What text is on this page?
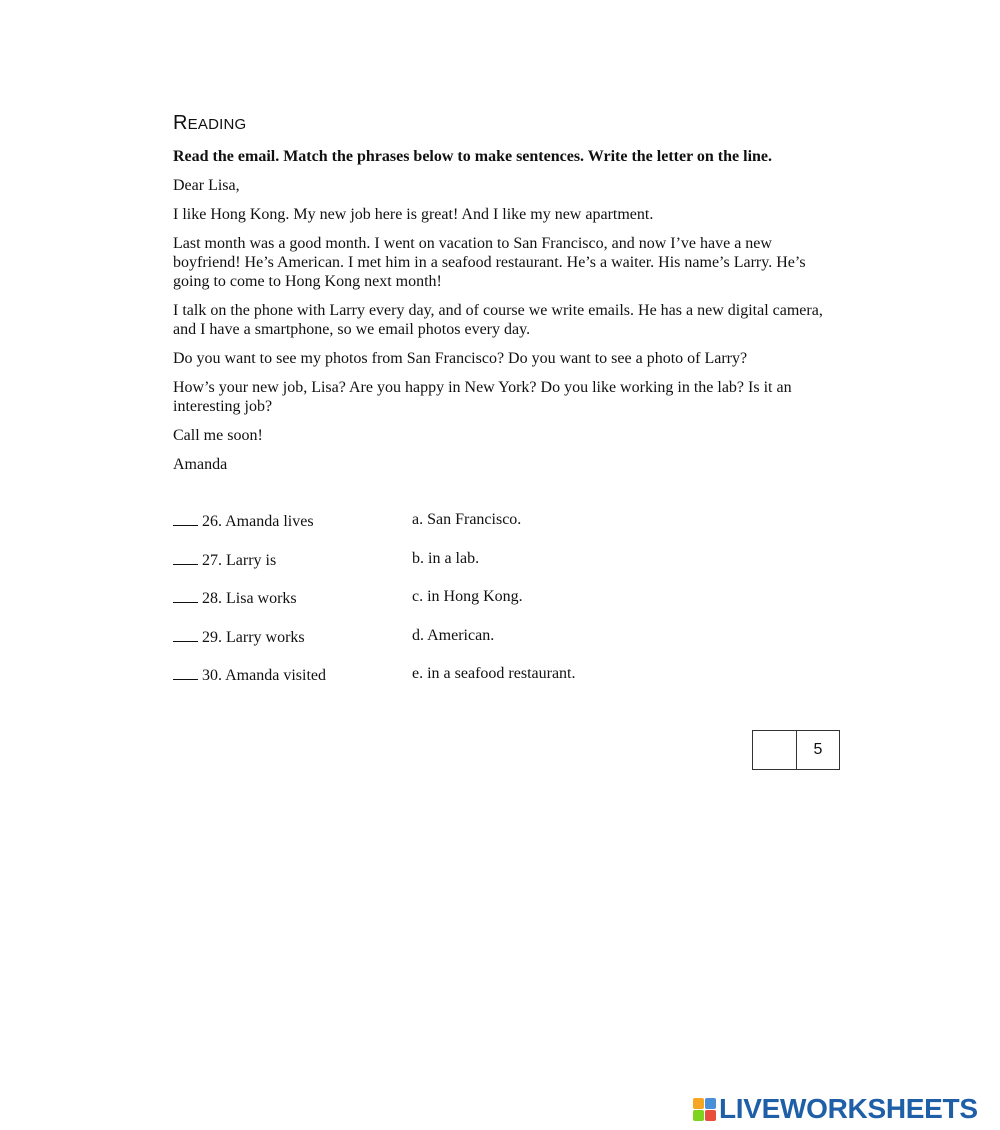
READING

Read the email. Match the phrases below to make sentences. Write the letter on the line.

Dear Lisa,

I like Hong Kong. My new job here is great! And I like my new apartment.

Last month was a good month. I went on vacation to San Francisco, and now I’ve have a new boyfriend! He’s American. I met him in a seafood restaurant. He’s a waiter. His name’s Larry. He’s going to come to Hong Kong next month!

I talk on the phone with Larry every day, and of course we write emails. He has a new digital camera, and I have a smartphone, so we email photos every day.

Do you want to see my photos from San Francisco? Do you want to see a photo of Larry?

How’s your new job, Lisa? Are you happy in New York? Do you like working in the lab? Is it an interesting job?

Call me soon!

Amanda

26. Amanda lives	a. San Francisco.
27. Larry is	b. in a lab.
28. Lisa works	c. in Hong Kong.
29. Larry works	d. American.
30. Amanda visited	e. in a seafood restaurant.
5
LIVEWORKSHEETS
